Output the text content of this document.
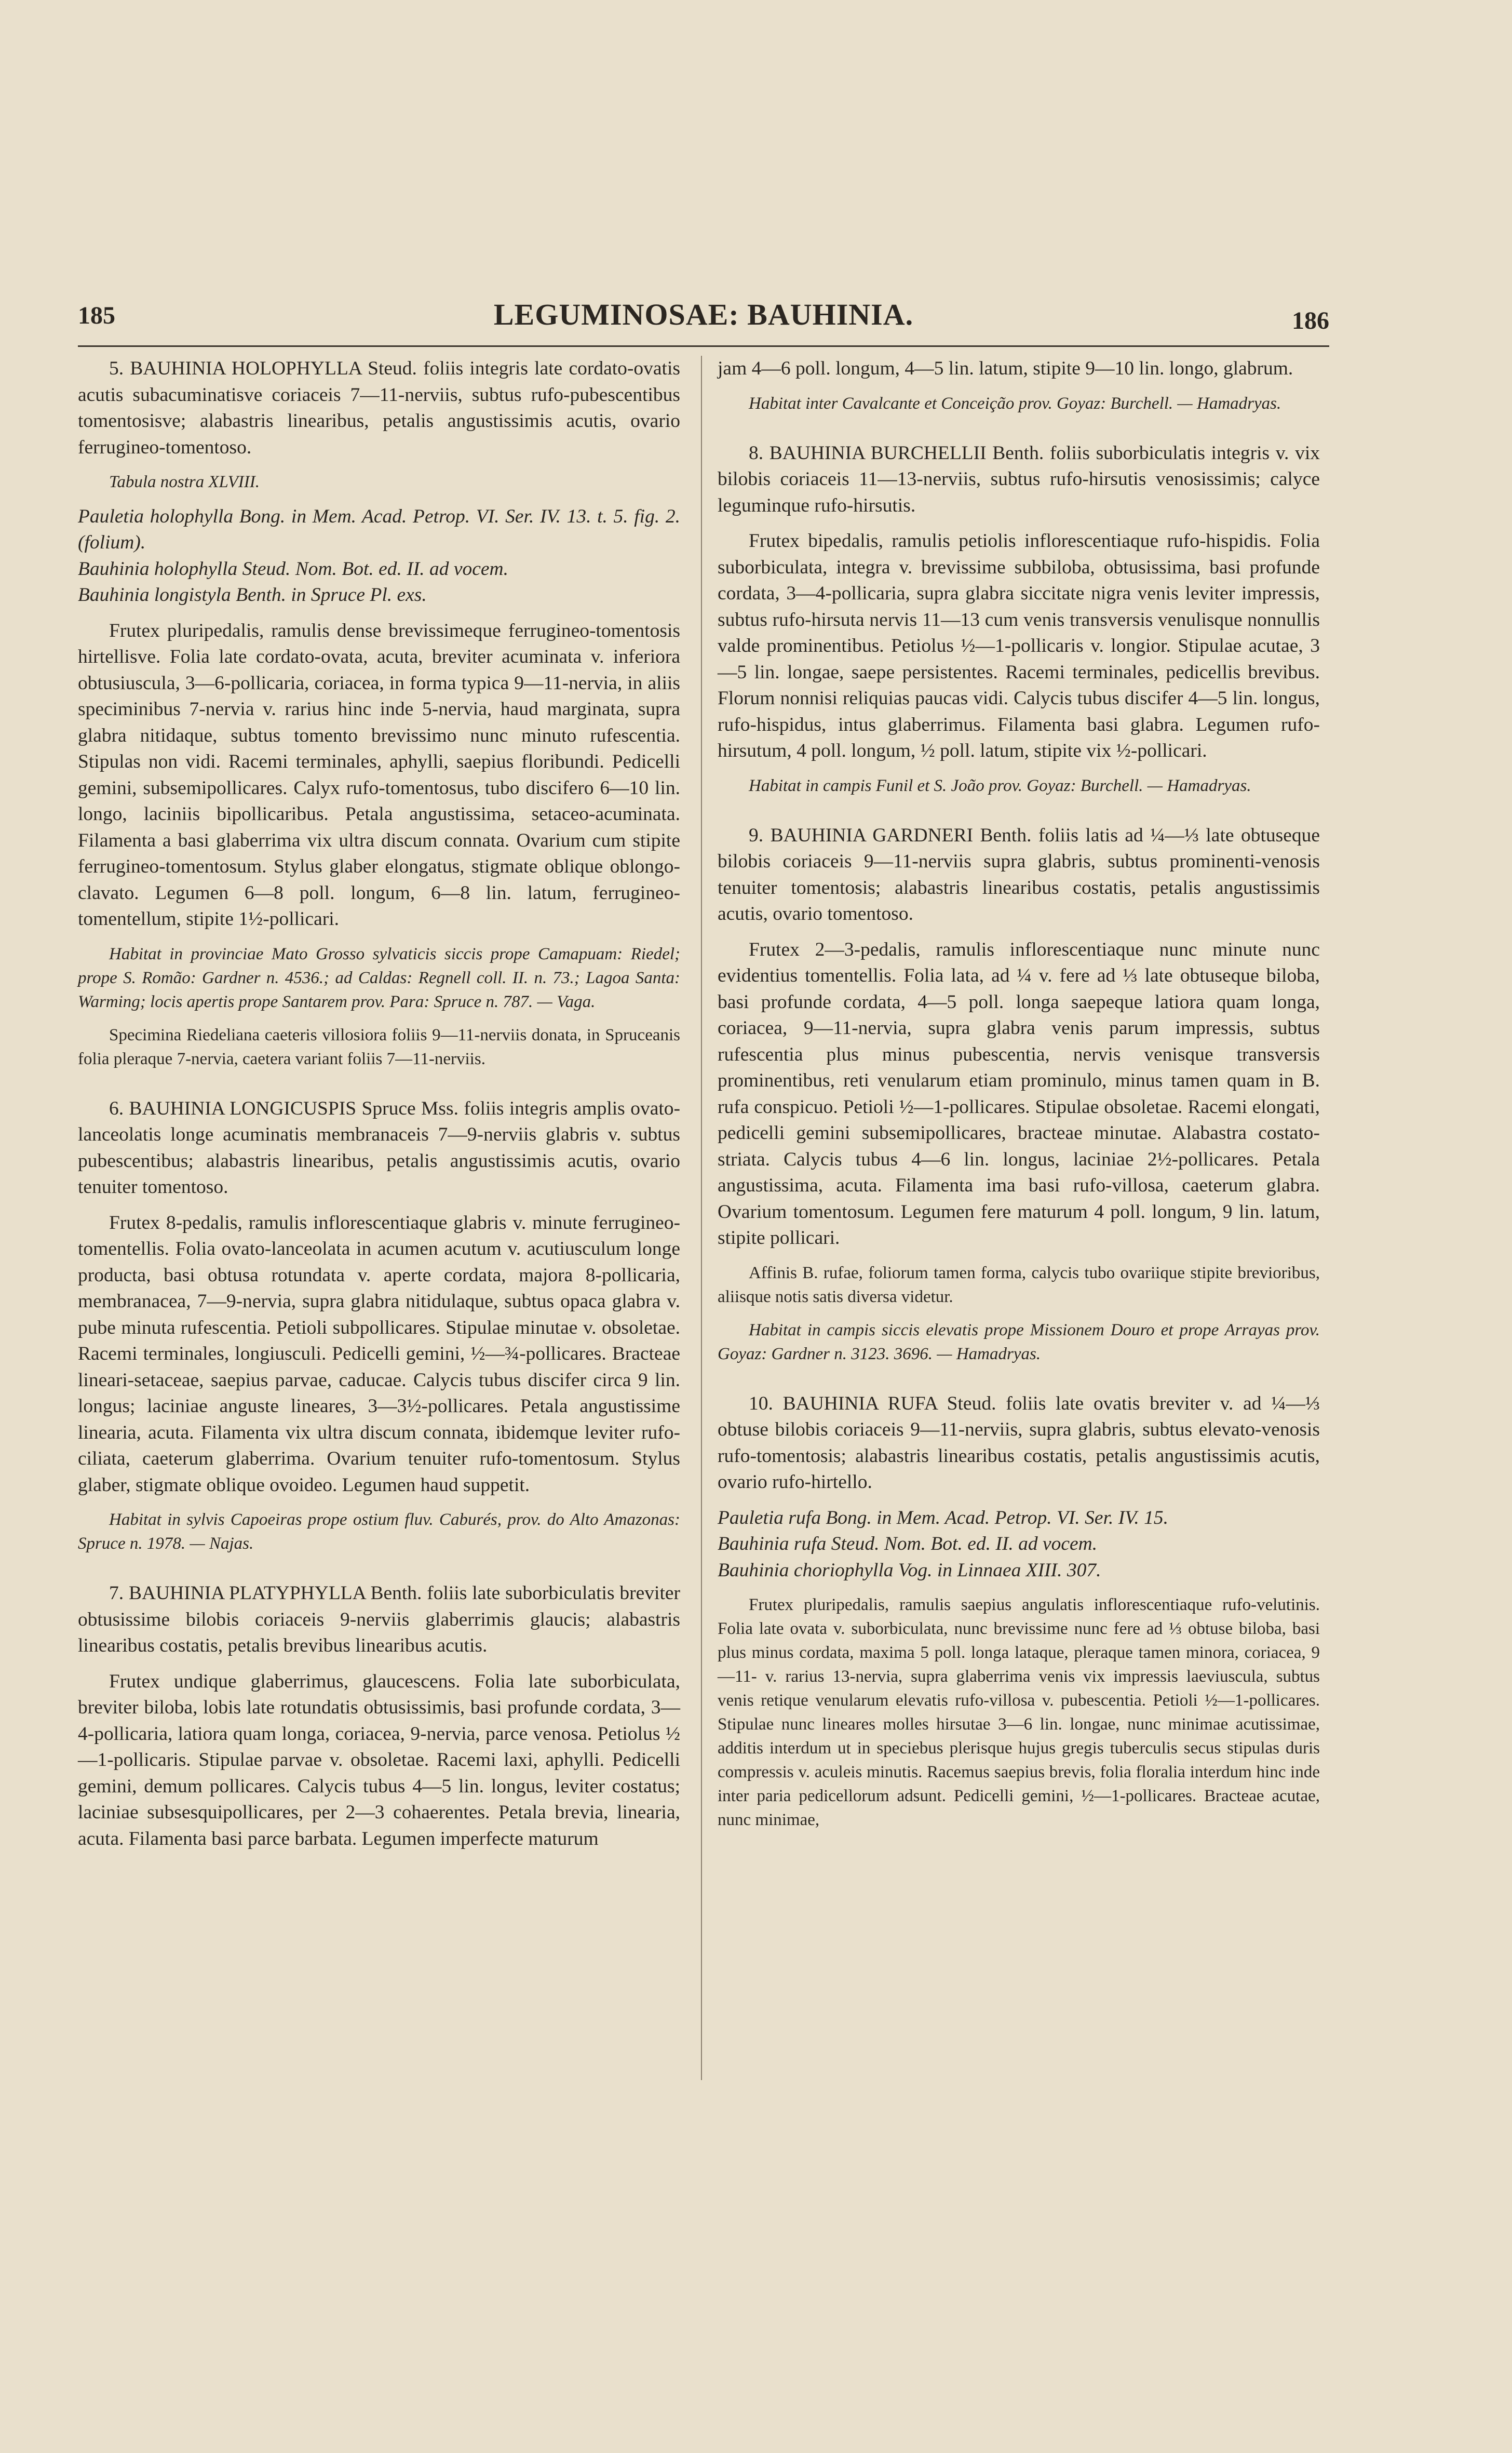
185	LEGUMINOSAE: BAUHINIA.	186

5. BAUHINIA HOLOPHYLLA Steud. foliis integris late cordato-ovatis acutis subacuminatisve coriaceis 7—11-nerviis, subtus rufo-pubescentibus tomentosisve; alabastris linearibus, petalis angustissimis acutis, ovario ferrugineo-tomentoso.

Tabula nostra XLVIII.

Pauletia holophylla Bong. in Mem. Acad. Petrop. VI. Ser. IV. 13. t. 5. fig. 2. (folium).

Bauhinia holophylla Steud. Nom. Bot. ed. II. ad vocem.

Bauhinia longistyla Benth. in Spruce Pl. exs.

Frutex pluripedalis, ramulis dense brevissimeque ferrugineo-tomentosis hirtellisve. Folia late cordato-ovata, acuta, breviter acuminata v. inferiora obtusiuscula, 3—6-pollicaria, coriacea, in forma typica 9—11-nervia, in aliis speciminibus 7-nervia v. rarius hinc inde 5-nervia, haud marginata, supra glabra nitidaque, subtus tomento brevissimo nunc minuto rufescentia. Stipulas non vidi. Racemi terminales, aphylli, saepius floribundi. Pedicelli gemini, subsemipollicares. Calyx rufo-tomentosus, tubo discifero 6—10 lin. longo, laciniis bipollicaribus. Petala angustissima, setaceo-acuminata. Filamenta a basi glaberrima vix ultra discum connata. Ovarium cum stipite ferrugineo-tomentosum. Stylus glaber elongatus, stigmate oblique oblongo-clavato. Legumen 6—8 poll. longum, 6—8 lin. latum, ferrugineo-tomentellum, stipite 1½-pollicari.

Habitat in provinciae Mato Grosso sylvaticis siccis prope Camapuam: Riedel; prope S. Romão: Gardner n. 4536.; ad Caldas: Regnell coll. II. n. 73.; Lagoa Santa: Warming; locis apertis prope Santarem prov. Para: Spruce n. 787. — Vaga.

Specimina Riedeliana caeteris villosiora foliis 9—11-nerviis donata, in Spruceanis folia pleraque 7-nervia, caetera variant foliis 7—11-nerviis.

6. BAUHINIA LONGICUSPIS Spruce Mss. foliis integris amplis ovato-lanceolatis longe acuminatis membranaceis 7—9-nerviis glabris v. subtus pubescentibus; alabastris linearibus, petalis angustissimis acutis, ovario tenuiter tomentoso.

Frutex 8-pedalis, ramulis inflorescentiaque glabris v. minute ferrugineo-tomentellis. Folia ovato-lanceolata in acumen acutum v. acutiusculum longe producta, basi obtusa rotundata v. aperte cordata, majora 8-pollicaria, membranacea, 7—9-nervia, supra glabra nitidulaque, subtus opaca glabra v. pube minuta rufescentia. Petioli subpollicares. Stipulae minutae v. obsoletae. Racemi terminales, longiusculi. Pedicelli gemini, ½—¾-pollicares. Bracteae lineari-setaceae, saepius parvae, caducae. Calycis tubus discifer circa 9 lin. longus; laciniae anguste lineares, 3—3½-pollicares. Petala angustissime linearia, acuta. Filamenta vix ultra discum connata, ibidemque leviter rufo-ciliata, caeterum glaberrima. Ovarium tenuiter rufo-tomentosum. Stylus glaber, stigmate oblique ovoideo. Legumen haud suppetit.

Habitat in sylvis Capoeiras prope ostium fluv. Caburés, prov. do Alto Amazonas: Spruce n. 1978. — Najas.

7. BAUHINIA PLATYPHYLLA Benth. foliis late suborbiculatis breviter obtusissime bilobis coriaceis 9-nerviis glaberrimis glaucis; alabastris linearibus costatis, petalis brevibus linearibus acutis.

Frutex undique glaberrimus, glaucescens. Folia late suborbiculata, breviter biloba, lobis late rotundatis obtusissimis, basi profunde cordata, 3—4-pollicaria, latiora quam longa, coriacea, 9-nervia, parce venosa. Petiolus ½—1-pollicaris. Stipulae parvae v. obsoletae. Racemi laxi, aphylli. Pedicelli gemini, demum pollicares. Calycis tubus 4—5 lin. longus, leviter costatus; laciniae subsesquipollicares, per 2—3 cohaerentes. Petala brevia, linearia, acuta. Filamenta basi parce barbata. Legumen imperfecte maturum

jam 4—6 poll. longum, 4—5 lin. latum, stipite 9—10 lin. longo, glabrum.

Habitat inter Cavalcante et Conceição prov. Goyaz: Burchell. — Hamadryas.

8. BAUHINIA BURCHELLII Benth. foliis suborbiculatis integris v. vix bilobis coriaceis 11—13-nerviis, subtus rufo-hirsutis venosissimis; calyce leguminque rufo-hirsutis.

Frutex bipedalis, ramulis petiolis inflorescentiaque rufo-hispidis. Folia suborbiculata, integra v. brevissime subbiloba, obtusissima, basi profunde cordata, 3—4-pollicaria, supra glabra siccitate nigra venis leviter impressis, subtus rufo-hirsuta nervis 11—13 cum venis transversis venulisque nonnullis valde prominentibus. Petiolus ½—1-pollicaris v. longior. Stipulae acutae, 3—5 lin. longae, saepe persistentes. Racemi terminales, pedicellis brevibus. Florum nonnisi reliquias paucas vidi. Calycis tubus discifer 4—5 lin. longus, rufo-hispidus, intus glaberrimus. Filamenta basi glabra. Legumen rufo-hirsutum, 4 poll. longum, ½ poll. latum, stipite vix ½-pollicari.

Habitat in campis Funil et S. João prov. Goyaz: Burchell. — Hamadryas.

9. BAUHINIA GARDNERI Benth. foliis latis ad ¼—⅓ late obtuseque bilobis coriaceis 9—11-nerviis supra glabris, subtus prominenti-venosis tenuiter tomentosis; alabastris linearibus costatis, petalis angustissimis acutis, ovario tomentoso.

Frutex 2—3-pedalis, ramulis inflorescentiaque nunc minute nunc evidentius tomentellis. Folia lata, ad ¼ v. fere ad ⅓ late obtuseque biloba, basi profunde cordata, 4—5 poll. longa saepeque latiora quam longa, coriacea, 9—11-nervia, supra glabra venis parum impressis, subtus rufescentia plus minus pubescentia, nervis venisque transversis prominentibus, reti venularum etiam prominulo, minus tamen quam in B. rufa conspicuo. Petioli ½—1-pollicares. Stipulae obsoletae. Racemi elongati, pedicelli gemini subsemipollicares, bracteae minutae. Alabastra costato-striata. Calycis tubus 4—6 lin. longus, laciniae 2½-pollicares. Petala angustissima, acuta. Filamenta ima basi rufo-villosa, caeterum glabra. Ovarium tomentosum. Legumen fere maturum 4 poll. longum, 9 lin. latum, stipite pollicari.

Affinis B. rufae, foliorum tamen forma, calycis tubo ovariique stipite brevioribus, aliisque notis satis diversa videtur.

Habitat in campis siccis elevatis prope Missionem Douro et prope Arrayas prov. Goyaz: Gardner n. 3123. 3696. — Hamadryas.

10. BAUHINIA RUFA Steud. foliis late ovatis breviter v. ad ¼—⅓ obtuse bilobis coriaceis 9—11-nerviis, supra glabris, subtus elevato-venosis rufo-tomentosis; alabastris linearibus costatis, petalis angustissimis acutis, ovario rufo-hirtello.

Pauletia rufa Bong. in Mem. Acad. Petrop. VI. Ser. IV. 15.

Bauhinia rufa Steud. Nom. Bot. ed. II. ad vocem.

Bauhinia choriophylla Vog. in Linnaea XIII. 307.

Frutex pluripedalis, ramulis saepius angulatis inflorescentiaque rufo-velutinis. Folia late ovata v. suborbiculata, nunc brevissime nunc fere ad ⅓ obtuse biloba, basi plus minus cordata, maxima 5 poll. longa lataque, pleraque tamen minora, coriacea, 9—11- v. rarius 13-nervia, supra glaberrima venis vix impressis laeviuscula, subtus venis retique venularum elevatis rufo-villosa v. pubescentia. Petioli ½—1-pollicares. Stipulae nunc lineares molles hirsutae 3—6 lin. longae, nunc minimae acutissimae, additis interdum ut in speciebus plerisque hujus gregis tuberculis secus stipulas duris compressis v. aculeis minutis. Racemus saepius brevis, folia floralia interdum hinc inde inter paria pedicellorum adsunt. Pedicelli gemini, ½—1-pollicares. Bracteae acutae, nunc minimae,
